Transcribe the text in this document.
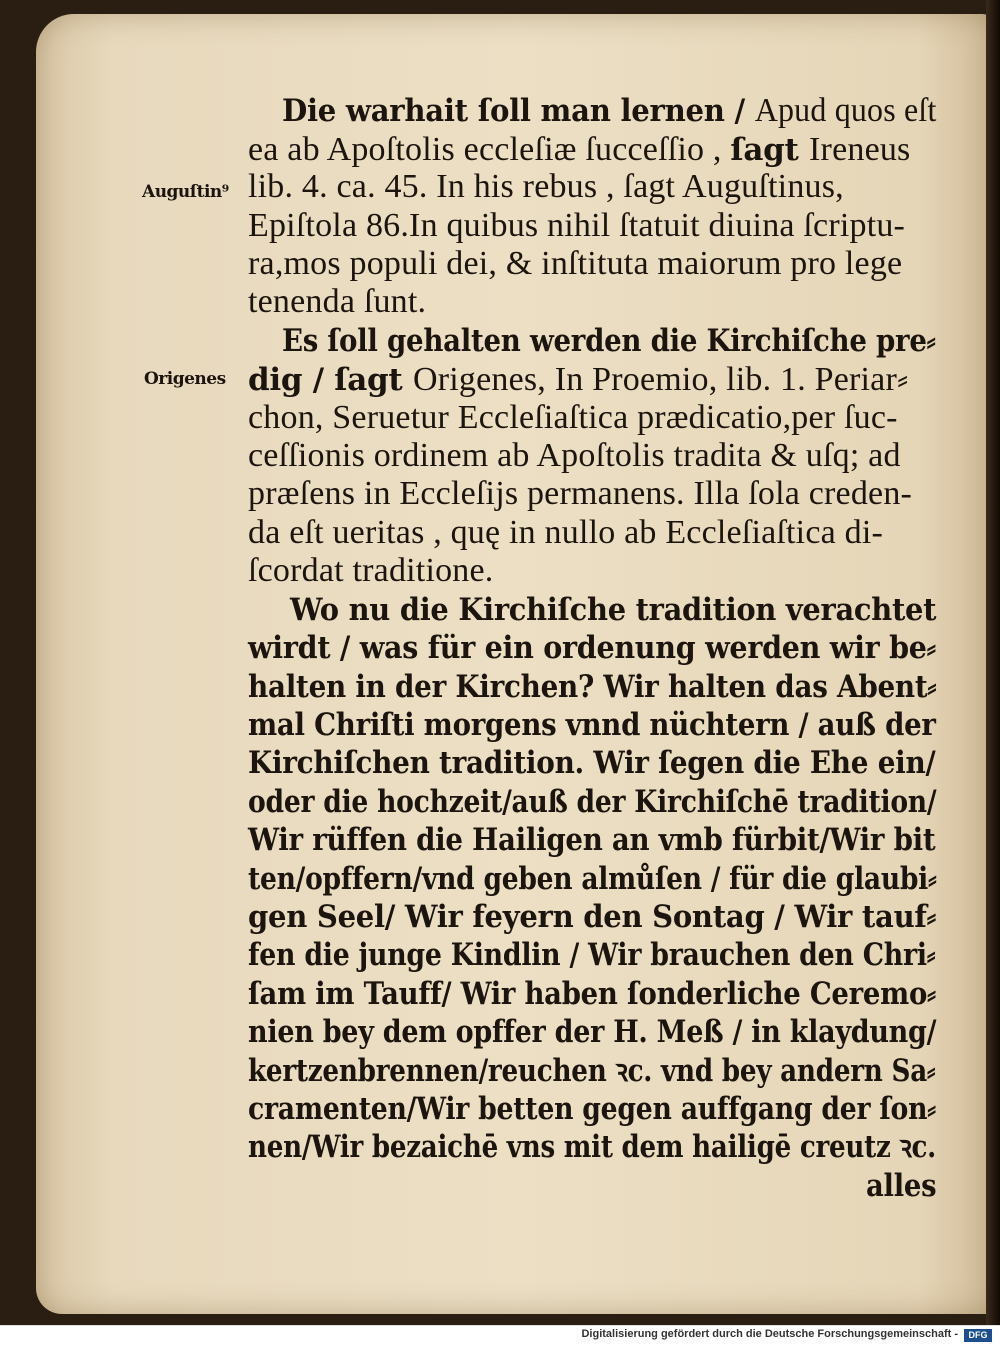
Die warhait ſoll man lernen / Apud quos eſt
ea ab Apoſtolis eccleſiæ ſucceſſio , ſagt Ireneus
lib. 4. ca. 45. In his rebus , ſagt Auguſtinus,
Epiſtola 86.In quibus nihil ſtatuit diuina ſcriptu-
ra,mos populi dei, & inſtituta maiorum pro lege
tenenda ſunt.
Es ſoll gehalten werden die Kirchiſche pre⸗
dig / ſagt Origenes, In Proemio, lib. 1. Periar⸗
chon, Seruetur Eccleſiaſtica prædicatio,per ſuc-
ceſſionis ordinem ab Apoſtolis tradita & uſq; ad
præſens in Eccleſijs permanens. Illa ſola creden-
da eſt ueritas , quę in nullo ab Eccleſiaſtica di-
ſcordat traditione.
Wo nu die Kirchiſche tradition verachtet
wirdt / was für ein ordenung werden wir be⸗
halten in der Kirchen? Wir halten das Abent⸗
mal Chriſti morgens vnnd nüchtern / auß der
Kirchiſchen tradition. Wir ſegen die Ehe ein/
oder die hochzeit/auß der Kirchiſchē tradition/
Wir rüffen die Hailigen an vmb fürbit/Wir bit
ten/opffern/vnd geben almůſen / für die glaubi⸗
gen Seel/ Wir feyern den Sontag / Wir tauf⸗
fen die junge Kindlin / Wir brauchen den Chri⸗
ſam im Tauff/ Wir haben ſonderliche Ceremo⸗
nien bey dem opffer der H. Meß / in klaydung/
kertzenbrennen/reuchen ꝛc. vnd bey andern Sa⸗
cramenten/Wir betten gegen auffgang der ſon⸗
nen/Wir bezaichē vns mit dem hailigē creutz ꝛc.
alles
Auguſtin⁹
Origenes
Digitalisierung gefördert durch die Deutsche Forschungsgemeinschaft -	DFG
